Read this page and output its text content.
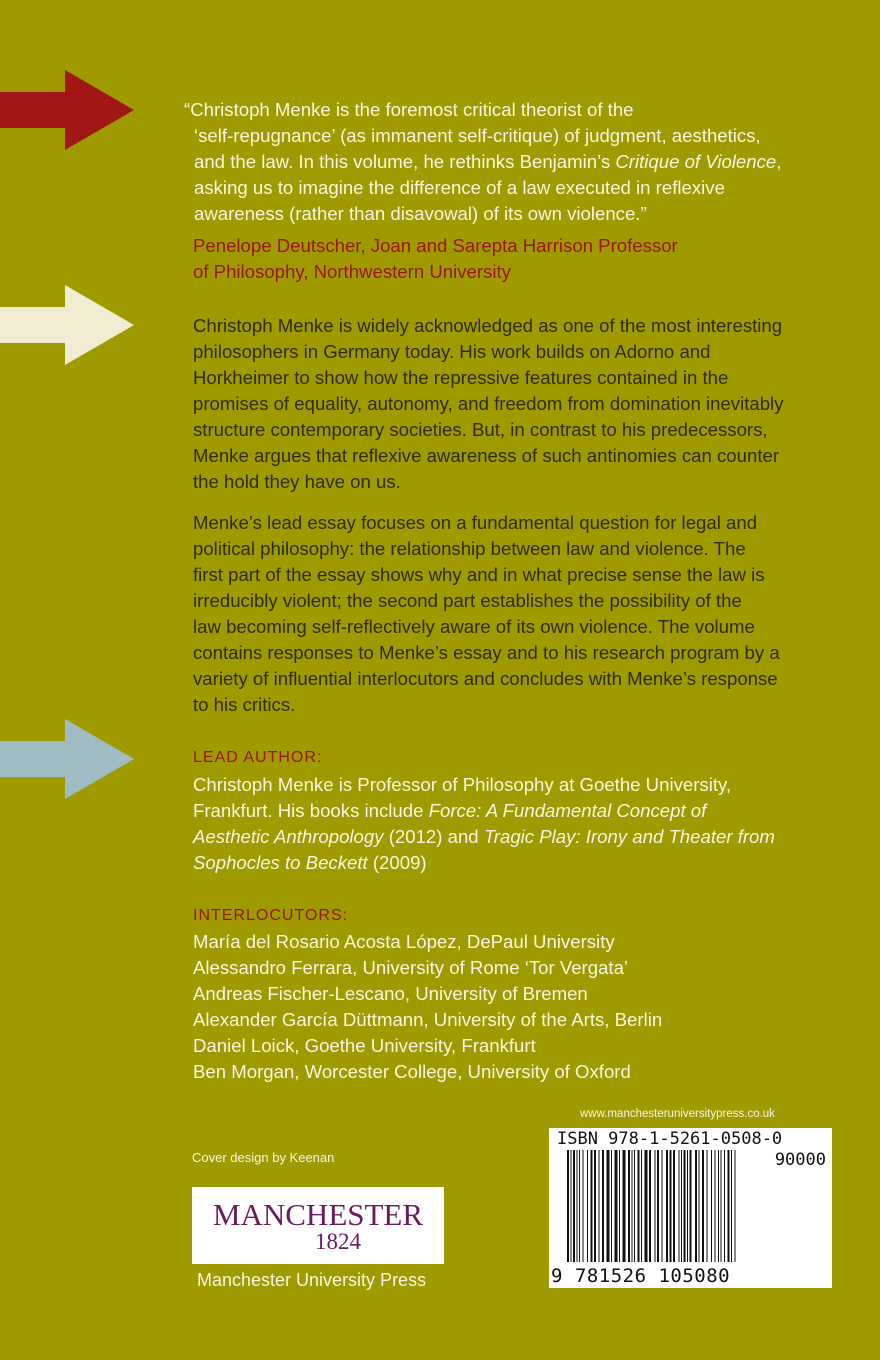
“Christoph Menke is the foremost critical theorist of the
‘self-repugnance’ (as immanent self-critique) of judgment, aesthetics,
and the law. In this volume, he rethinks Benjamin’s Critique of Violence,
asking us to imagine the difference of a law executed in reflexive
awareness (rather than disavowal) of its own violence.”
Penelope Deutscher, Joan and Sarepta Harrison Professor
of Philosophy, Northwestern University
Christoph Menke is widely acknowledged as one of the most interesting
philosophers in Germany today. His work builds on Adorno and
Horkheimer to show how the repressive features contained in the
promises of equality, autonomy, and freedom from domination inevitably
structure contemporary societies. But, in contrast to his predecessors,
Menke argues that reflexive awareness of such antinomies can counter
the hold they have on us.
Menke’s lead essay focuses on a fundamental question for legal and
political philosophy: the relationship between law and violence. The
first part of the essay shows why and in what precise sense the law is
irreducibly violent; the second part establishes the possibility of the
law becoming self-reflectively aware of its own violence. The volume
contains responses to Menke’s essay and to his research program by a
variety of influential interlocutors and concludes with Menke’s response
to his critics.
LEAD AUTHOR:
Christoph Menke is Professor of Philosophy at Goethe University,
Frankfurt. His books include Force: A Fundamental Concept of
Aesthetic Anthropology (2012) and Tragic Play: Irony and Theater from
Sophocles to Beckett (2009)
INTERLOCUTORS:
María del Rosario Acosta López, DePaul University
Alessandro Ferrara, University of Rome ‘Tor Vergata’
Andreas Fischer-Lescano, University of Bremen
Alexander García Düttmann, University of the Arts, Berlin
Daniel Loick, Goethe University, Frankfurt
Ben Morgan, Worcester College, University of Oxford
Cover design by Keenan
MANCHESTER
1824
Manchester University Press
www.manchesteruniversitypress.co.uk
ISBN 978-1-5261-0508-0
90000
9 781526 105080
